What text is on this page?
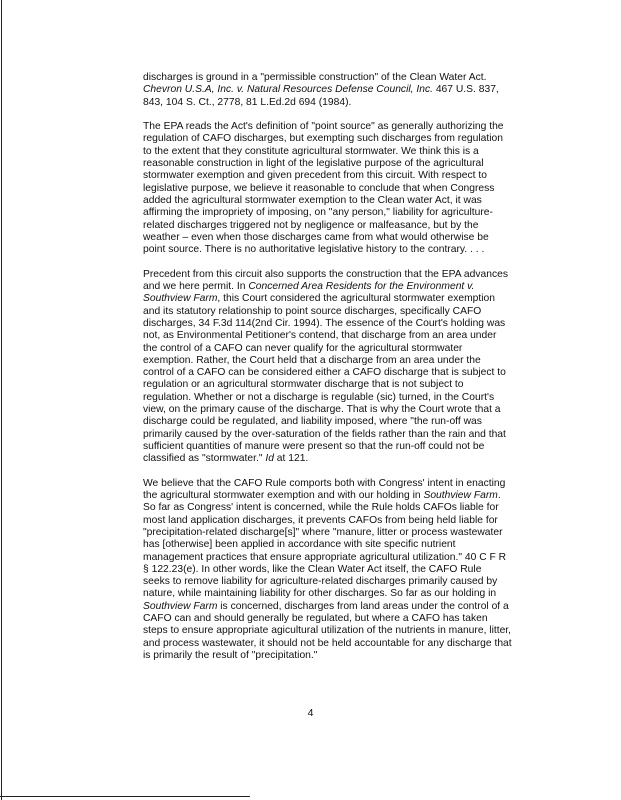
discharges is ground in a "permissible construction" of the Clean Water Act.
Chevron U.S.A, Inc. v. Natural Resources Defense Council, Inc. 467 U.S. 837,
843, 104 S. Ct., 2778, 81 L.Ed.2d 694 (1984).

The EPA reads the Act's definition of "point source" as generally authorizing the
regulation of CAFO discharges, but exempting such discharges from regulation
to the extent that they constitute agricultural stormwater. We think this is a
reasonable construction in light of the legislative purpose of the agricultural
stormwater exemption and given precedent from this circuit. With respect to
legislative purpose, we believe it reasonable to conclude that when Congress
added the agricultural stormwater exemption to the Clean water Act, it was
affirming the impropriety of imposing, on "any person," liability for agriculture-
related discharges triggered not by negligence or malfeasance, but by the
weather – even when those discharges came from what would otherwise be
point source. There is no authoritative legislative history to the contrary. . . .

Precedent from this circuit also supports the construction that the EPA advances
and we here permit. In Concerned Area Residents for the Environment v.
Southview Farm, this Court considered the agricultural stormwater exemption
and its statutory relationship to point source discharges, specifically CAFO
discharges, 34 F.3d 114(2nd Cir. 1994). The essence of the Court's holding was
not, as Environmental Petitioner's contend, that discharge from an area under
the control of a CAFO can never qualify for the agricultural stormwater
exemption. Rather, the Court held that a discharge from an area under the
control of a CAFO can be considered either a CAFO discharge that is subject to
regulation or an agricultural stormwater discharge that is not subject to
regulation. Whether or not a discharge is regulable (sic) turned, in the Court's
view, on the primary cause of the discharge. That is why the Court wrote that a
discharge could be regulated, and liability imposed, where "the run-off was
primarily caused by the over-saturation of the fields rather than the rain and that
sufficient quantities of manure were present so that the run-off could not be
classified as "stormwater." Id at 121.

We believe that the CAFO Rule comports both with Congress' intent in enacting
the agricultural stormwater exemption and with our holding in Southview Farm.
So far as Congress' intent is concerned, while the Rule holds CAFOs liable for
most land application discharges, it prevents CAFOs from being held liable for
"precipitation-related discharge[s]" where "manure, litter or process wastewater
has [otherwise] been applied in accordance with site specific nutrient
management practices that ensure appropriate agricultural utilization." 40 C F R
§ 122.23(e). In other words, like the Clean Water Act itself, the CAFO Rule
seeks to remove liability for agriculture-related discharges primarily caused by
nature, while maintaining liability for other discharges. So far as our holding in
Southview Farm is concerned, discharges from land areas under the control of a
CAFO can and should generally be regulated, but where a CAFO has taken
steps to ensure appropriate agicultural utilization of the nutrients in manure, litter,
and process wastewater, it should not be held accountable for any discharge that
is primarily the result of "precipitation."

4
